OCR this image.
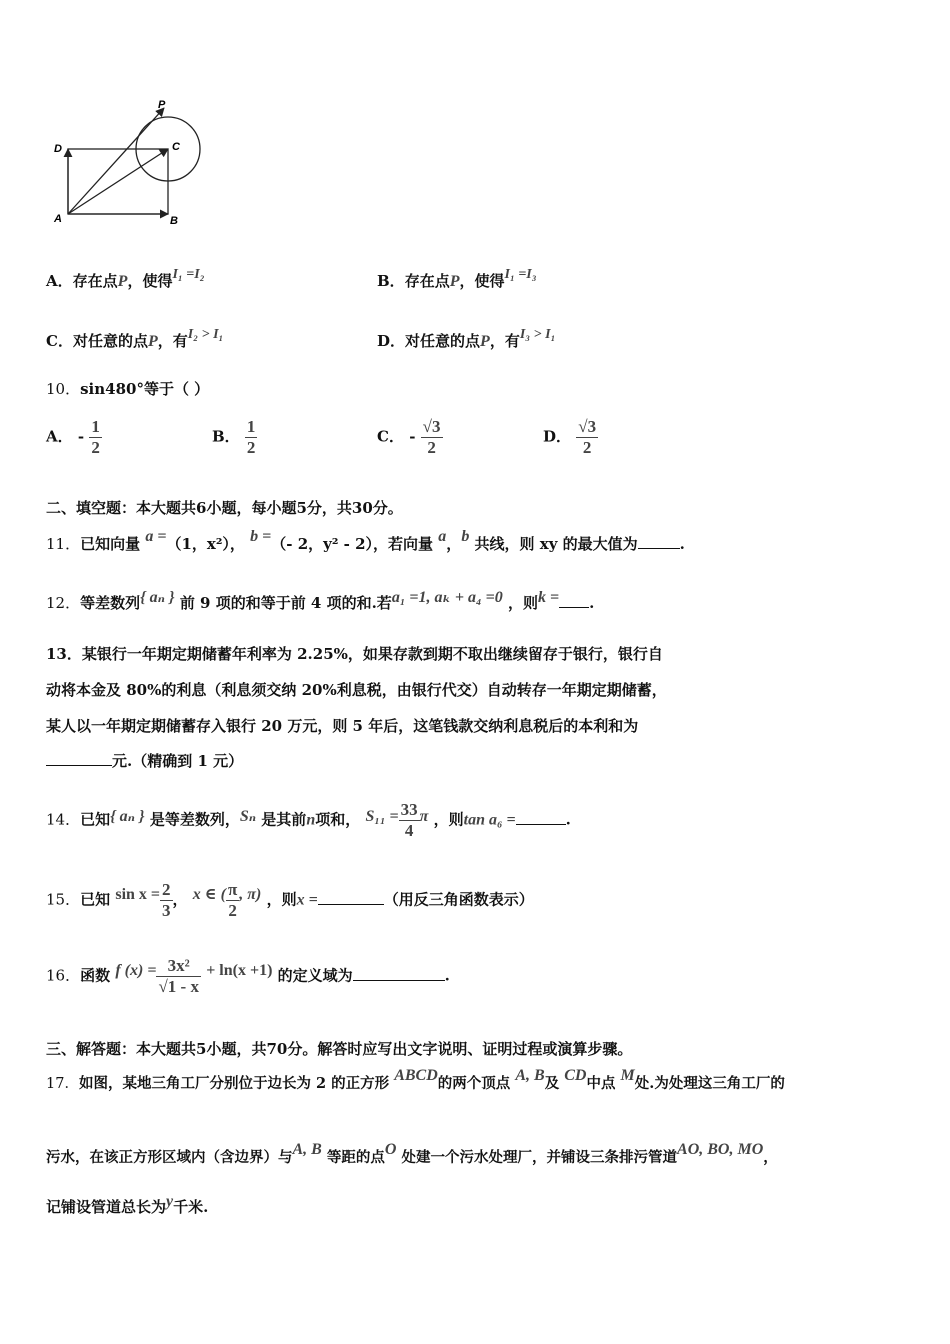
P
D	C
A	B
A．存在点P，使得I₁ =I₂	B．存在点P，使得I₁ =I₃
C．对任意的点P，有I₂ > I₁	D．对任意的点P，有I₃ > I₁
10．sin480°等于（ ）
A． - $\frac{1}{2}$	B． $\frac{1}{2}$	C． - $\frac{√3}{2}$	D． $\frac{√3}{2}$
二、填空题：本大题共6小题，每小题5分，共30分。
11．已知向量 a =（1，x²）， b =（- 2，y² - 2），若向量 a，b 共线，则 xy 的最大值为	.
12．等差数列{ aₙ } 前 9 项的和等于前 4 项的和.若a₁ =1, aₖ + a₄ =0 ，则k = .
13．某银行一年期定期储蓄年利率为 2.25%，如果存款到期不取出继续留存于银行，银行自
动将本金及 80%的利息（利息须交纳 20%利息税，由银行代交）自动转存一年期定期储蓄，
某人以一年期定期储蓄存入银行 20 万元，则 5 年后，这笔钱款交纳利息税后的本利和为
元.（精确到 1 元）
14．已知{ aₙ } 是等差数列，Sₙ 是其前n项和， $S_{11} = \frac{33}{4}$ π ，则tan a₆ =	.
15．已知 $\sin x = \frac{2}{3}$ ， x ∈ ( $\frac{\pi}{2}$ , π) ，则x =	（用反三角函数表示）
16．函数 f $(x) = \frac{\text{3x²}}{√1 - x} + \ln(x +1)$ 的定义域为	.
三、解答题：本大题共5小题，共70分。解答时应写出文字说明、证明过程或演算步骤。
17．如图，某地三角工厂分别位于边长为 2 的正方形 ABCD的两个顶点 A, B及 CD中点 M处.为处理这三角工厂的
污水，在该正方形区域内（含边界）与A, B 等距的点O 处建一个污水处理厂，并铺设三条排污管道AO, BO, MO，
记铺设管道总长为y千米.
